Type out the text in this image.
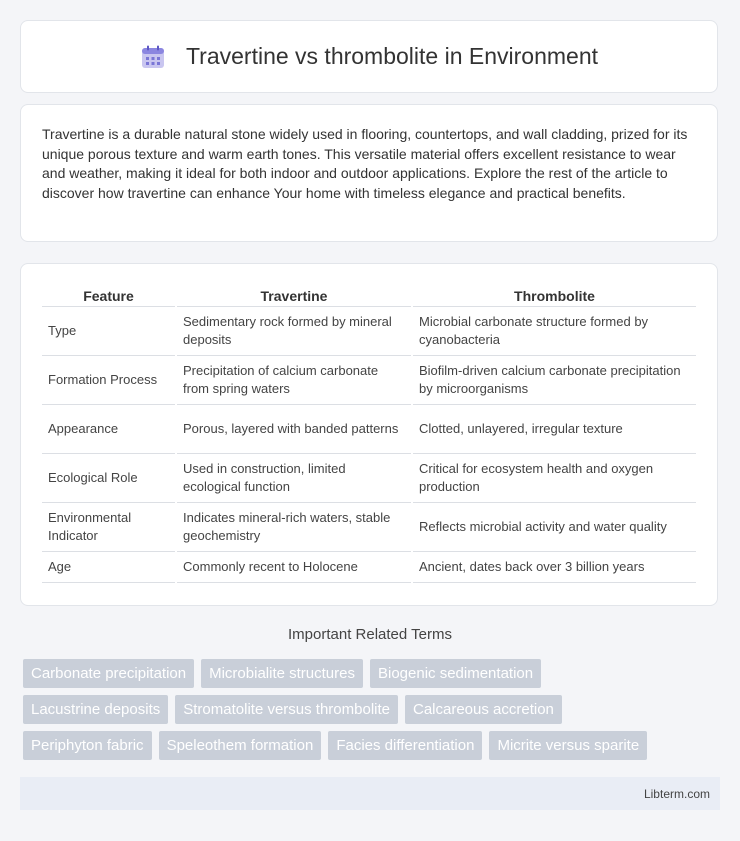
Travertine vs thrombolite in Environment

Travertine is a durable natural stone widely used in flooring, countertops, and wall cladding, prized for its unique porous texture and warm earth tones. This versatile material offers excellent resistance to wear and weather, making it ideal for both indoor and outdoor applications. Explore the rest of the article to discover how travertine can enhance Your home with timeless elegance and practical benefits.

Feature	Travertine	Thrombolite
Type	Sedimentary rock formed by mineral deposits	Microbial carbonate structure formed by cyanobacteria
Formation Process	Precipitation of calcium carbonate from spring waters	Biofilm-driven calcium carbonate precipitation by microorganisms
Appearance	Porous, layered with banded patterns	Clotted, unlayered, irregular texture
Ecological Role	Used in construction, limited ecological function	Critical for ecosystem health and oxygen production
Environmental Indicator	Indicates mineral-rich waters, stable geochemistry	Reflects microbial activity and water quality
Age	Commonly recent to Holocene	Ancient, dates back over 3 billion years
Important Related Terms
Carbonate precipitation	Microbialite structures	Biogenic sedimentation
Lacustrine deposits	Stromatolite versus thrombolite	Calcareous accretion
Periphyton fabric	Speleothem formation	Facies differentiation	Micrite versus sparite
Libterm.com
